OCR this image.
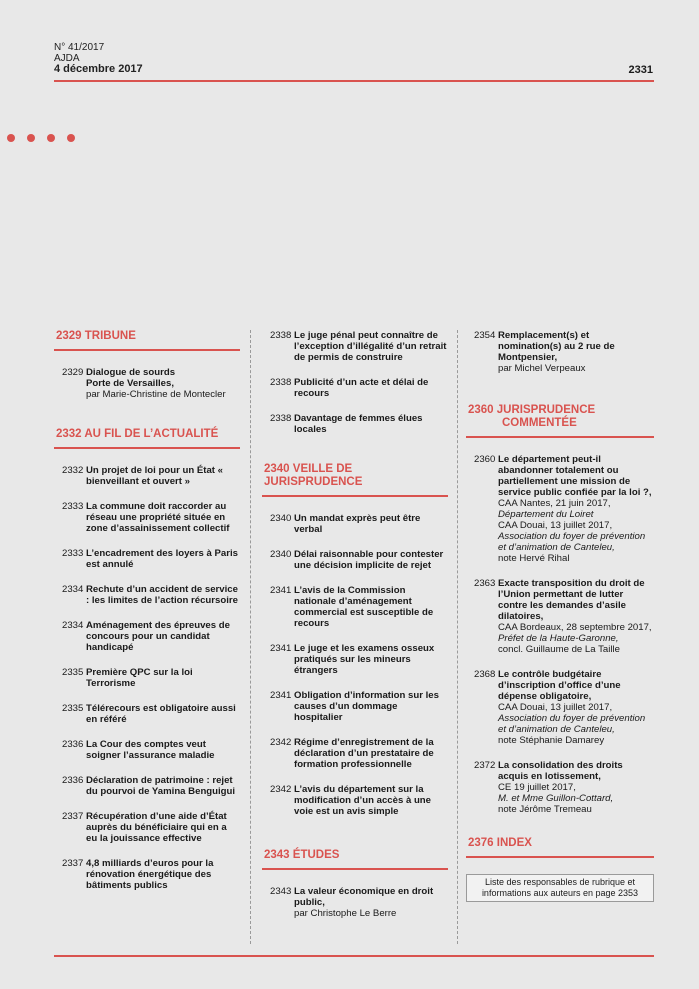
N° 41/2017
AJDA
4 décembre 2017	2331
2329 TRIBUNE
2329 Dialogue de sourds
Porte de Versailles,
par Marie-Christine de Montecler
2332 AU FIL DE L’ACTUALITÉ
2332 Un projet de loi pour un État « bienveillant et ouvert »
2333 La commune doit raccorder au réseau une propriété située en zone d’assainissement collectif
2333 L’encadrement des loyers à Paris est annulé
2334 Rechute d’un accident de service : les limites de l’action récursoire
2334 Aménagement des épreuves de concours pour un candidat handicapé
2335 Première QPC sur la loi Terrorisme
2335 Télérecours est obligatoire aussi en référé
2336 La Cour des comptes veut soigner l’assurance maladie
2336 Déclaration de patrimoine : rejet du pourvoi de Yamina Benguigui
2337 Récupération d’une aide d’État auprès du bénéficiaire qui en a eu la jouissance effective
2337 4,8 milliards d’euros pour la rénovation énergétique des bâtiments publics
2338 Le juge pénal peut connaître de l’exception d’illégalité d’un retrait de permis de construire
2338 Publicité d’un acte et délai de recours
2338 Davantage de femmes élues locales
2340 VEILLE DE JURISPRUDENCE
2340 Un mandat exprès peut être verbal
2340 Délai raisonnable pour contester une décision implicite de rejet
2341 L’avis de la Commission nationale d’aménagement commercial est susceptible de recours
2341 Le juge et les examens osseux pratiqués sur les mineurs étrangers
2341 Obligation d’information sur les causes d’un dommage hospitalier
2342 Régime d’enregistrement de la déclaration d’un prestataire de formation professionnelle
2342 L’avis du département sur la modification d’un accès à une voie est un avis simple
2343 ÉTUDES
2343 La valeur économique en droit public,
par Christophe Le Berre
2354 Remplacement(s) et nomination(s) au 2 rue de Montpensier,
par Michel Verpeaux
2360 JURISPRUDENCE
COMMENTÉE
2360 Le département peut-il abandonner totalement ou partiellement une mission de service public confiée par la loi ?,
CAA Nantes, 21 juin 2017,
Département du Loiret
CAA Douai, 13 juillet 2017,
Association du foyer de prévention et d’animation de Canteleu,
note Hervé Rihal
2363 Exacte transposition du droit de l’Union permettant de lutter contre les demandes d’asile dilatoires,
CAA Bordeaux, 28 septembre 2017,
Préfet de la Haute-Garonne,
concl. Guillaume de La Taille
2368 Le contrôle budgétaire d’inscription d’office d’une dépense obligatoire,
CAA Douai, 13 juillet 2017,
Association du foyer de prévention et d’animation de Canteleu,
note Stéphanie Damarey
2372 La consolidation des droits acquis en lotissement,
CE 19 juillet 2017,
M. et Mme Guillon-Cottard,
note Jérôme Tremeau
2376 INDEX
Liste des responsables de rubrique et informations aux auteurs en page 2353
